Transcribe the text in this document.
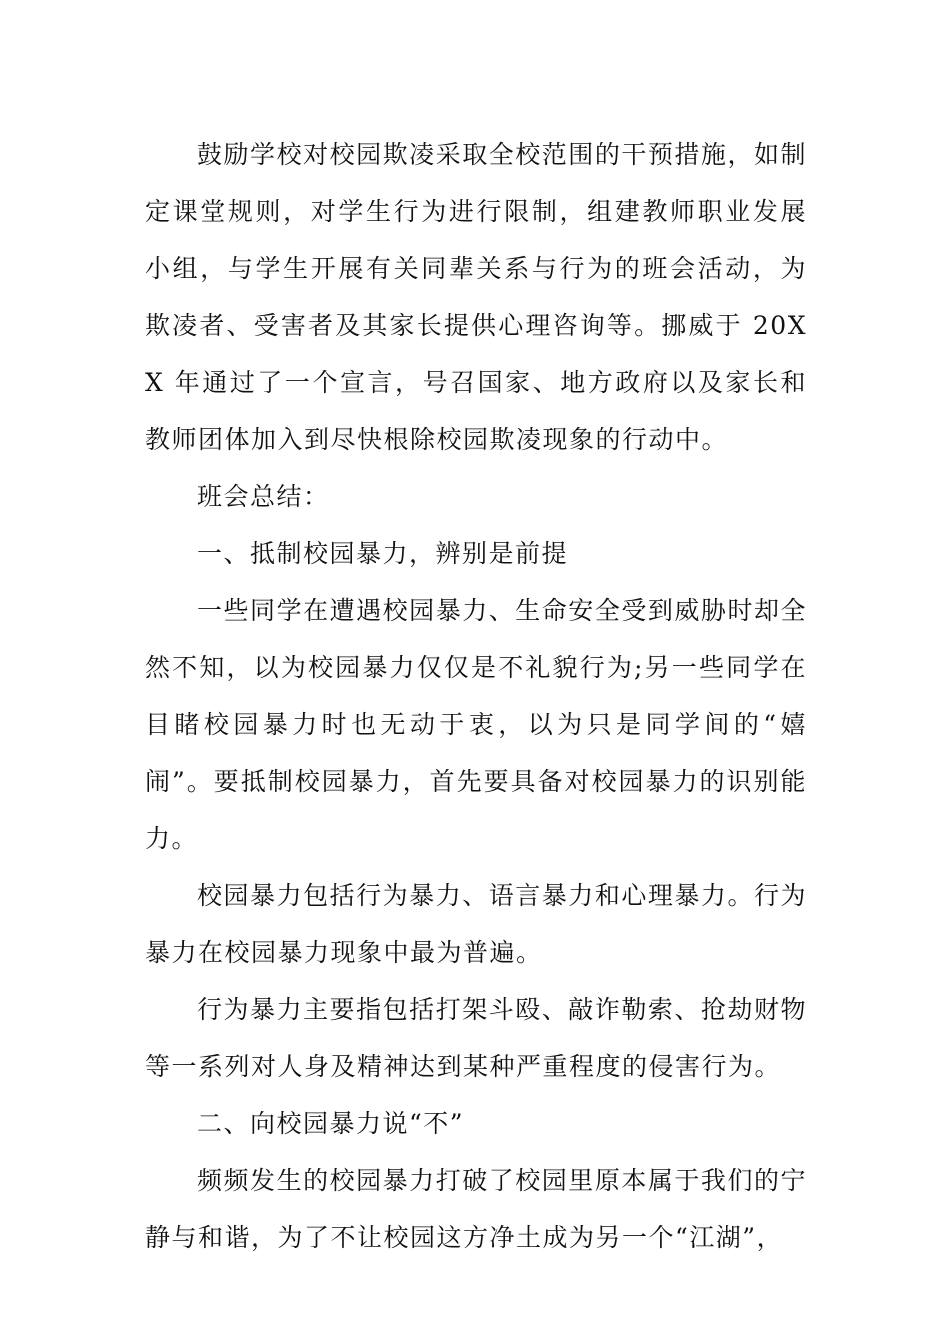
鼓励学校对校园欺凌采取全校范围的干预措施，如制定课堂规则，对学生行为进行限制，组建教师职业发展小组，与学生开展有关同辈关系与行为的班会活动，为欺凌者、受害者及其家长提供心理咨询等。挪威于 20XX 年通过了一个宣言，号召国家、地方政府以及家长和教师团体加入到尽快根除校园欺凌现象的行动中。

班会总结：

一、抵制校园暴力，辨别是前提

一些同学在遭遇校园暴力、生命安全受到威胁时却全然不知，以为校园暴力仅仅是不礼貌行为;另一些同学在目睹校园暴力时也无动于衷，以为只是同学间的“嬉闹”。要抵制校园暴力，首先要具备对校园暴力的识别能力。

校园暴力包括行为暴力、语言暴力和心理暴力。行为暴力在校园暴力现象中最为普遍。

行为暴力主要指包括打架斗殴、敲诈勒索、抢劫财物等一系列对人身及精神达到某种严重程度的侵害行为。

二、向校园暴力说“不”

频频发生的校园暴力打破了校园里原本属于我们的宁静与和谐，为了不让校园这方净土成为另一个“江湖”，
